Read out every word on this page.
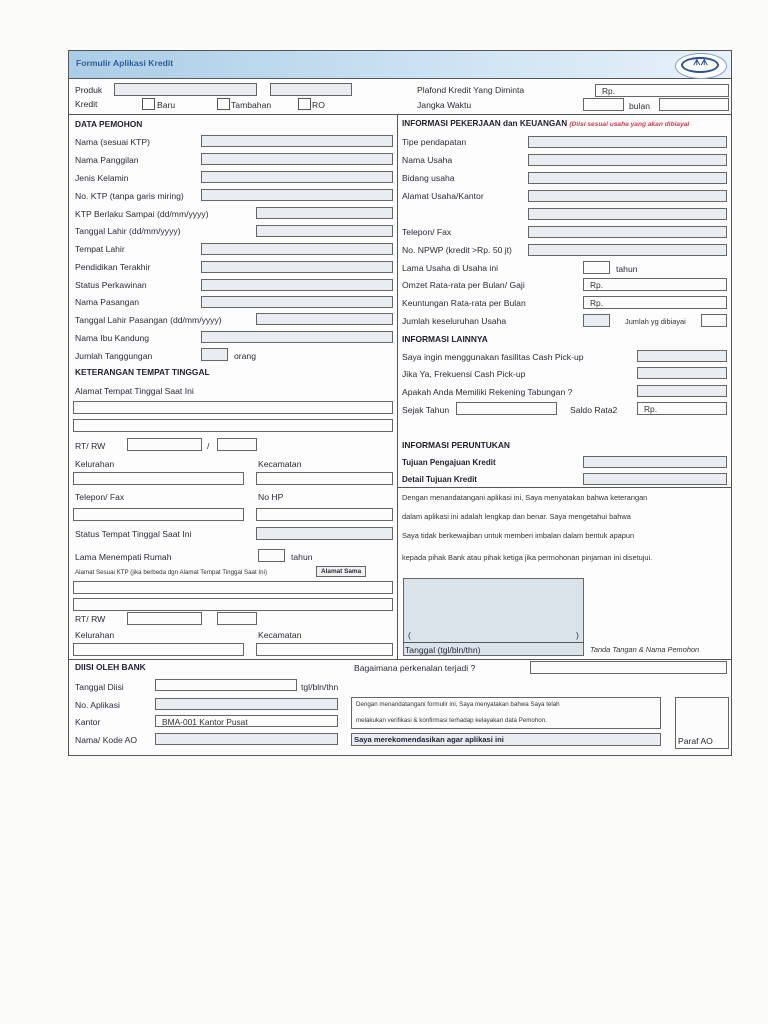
Formulir Aplikasi Kredit	ᗑᗑ
Produk
Kredit	Baru	Tambahan	RO
Plafond Kredit Yang Diminta	Rp.
Jangka Waktu	bulan
DATA PEMOHON
Nama (sesuai KTP)
Nama Panggilan
Jenis Kelamin
No. KTP (tanpa garis miring)
KTP Berlaku Sampai (dd/mm/yyyy)
Tanggal Lahir (dd/mm/yyyy)
Tempat Lahir
Pendidikan Terakhir
Status Perkawinan
Nama Pasangan
Tanggal Lahir Pasangan (dd/mm/yyyy)
Nama Ibu Kandung
Jumlah Tanggungan	orang
KETERANGAN TEMPAT TINGGAL
Alamat Tempat Tinggal Saat Ini
RT/ RW	/
Kelurahan	Kecamatan
Telepon/ Fax	No HP
Status Tempat Tinggal Saat Ini
Lama Menempati Rumah	tahun
Alamat Sesuai KTP (jika berbeda dgn Alamat Tempat Tinggal Saat Ini)	Alamat Sama
RT/ RW
Kelurahan	Kecamatan
INFORMASI PEKERJAAN dan KEUANGAN (Diisi sesuai usaha yang akan dibiayai
Tipe pendapatan
Nama Usaha
Bidang usaha
Alamat Usaha/Kantor
Telepon/ Fax
No. NPWP (kredit >Rp. 50 jt)
Lama Usaha di Usaha ini	tahun
Omzet Rata-rata per Bulan/ Gaji	Rp.
Keuntungan Rata-rata per Bulan	Rp.
Jumlah keseluruhan Usaha	Jumlah yg dibiayai
INFORMASI LAINNYA
Saya ingin menggunakan fasilitas Cash Pick-up
Jika Ya, Frekuensi Cash Pick-up
Apakah Anda Memiliki Rekening Tabungan ?
Sejak Tahun	Saldo Rata2	Rp.
INFORMASI PERUNTUKAN
Tujuan Pengajuan Kredit
Detail Tujuan Kredit
Dengan menandatangani aplikasi ini, Saya menyatakan bahwa keterangan
dalam aplikasi ini adalah lengkap dan benar. Saya mengetahui bahwa
Saya tidak berkewajiban untuk memberi imbalan dalam bentuk apapun
kepada pihak Bank atau pihak ketiga jika permohonan pinjaman ini disetujui.
(	)
Tanggal (tgl/bln/thn)	Tanda Tangan & Nama Pemohon
DIISI OLEH BANK	Bagaimana perkenalan terjadi ?
Tanggal Diisi	tgl/bln/thn
No. Aplikasi
Kantor	BMA-001 Kantor Pusat
Nama/ Kode AO
Dengan menandatangani formulir ini, Saya menyatakan bahwa Saya telah
melakukan verifikasi & konfirmasi terhadap kelayakan data Pemohon.
Saya merekomendasikan agar aplikasi ini	Paraf AO
